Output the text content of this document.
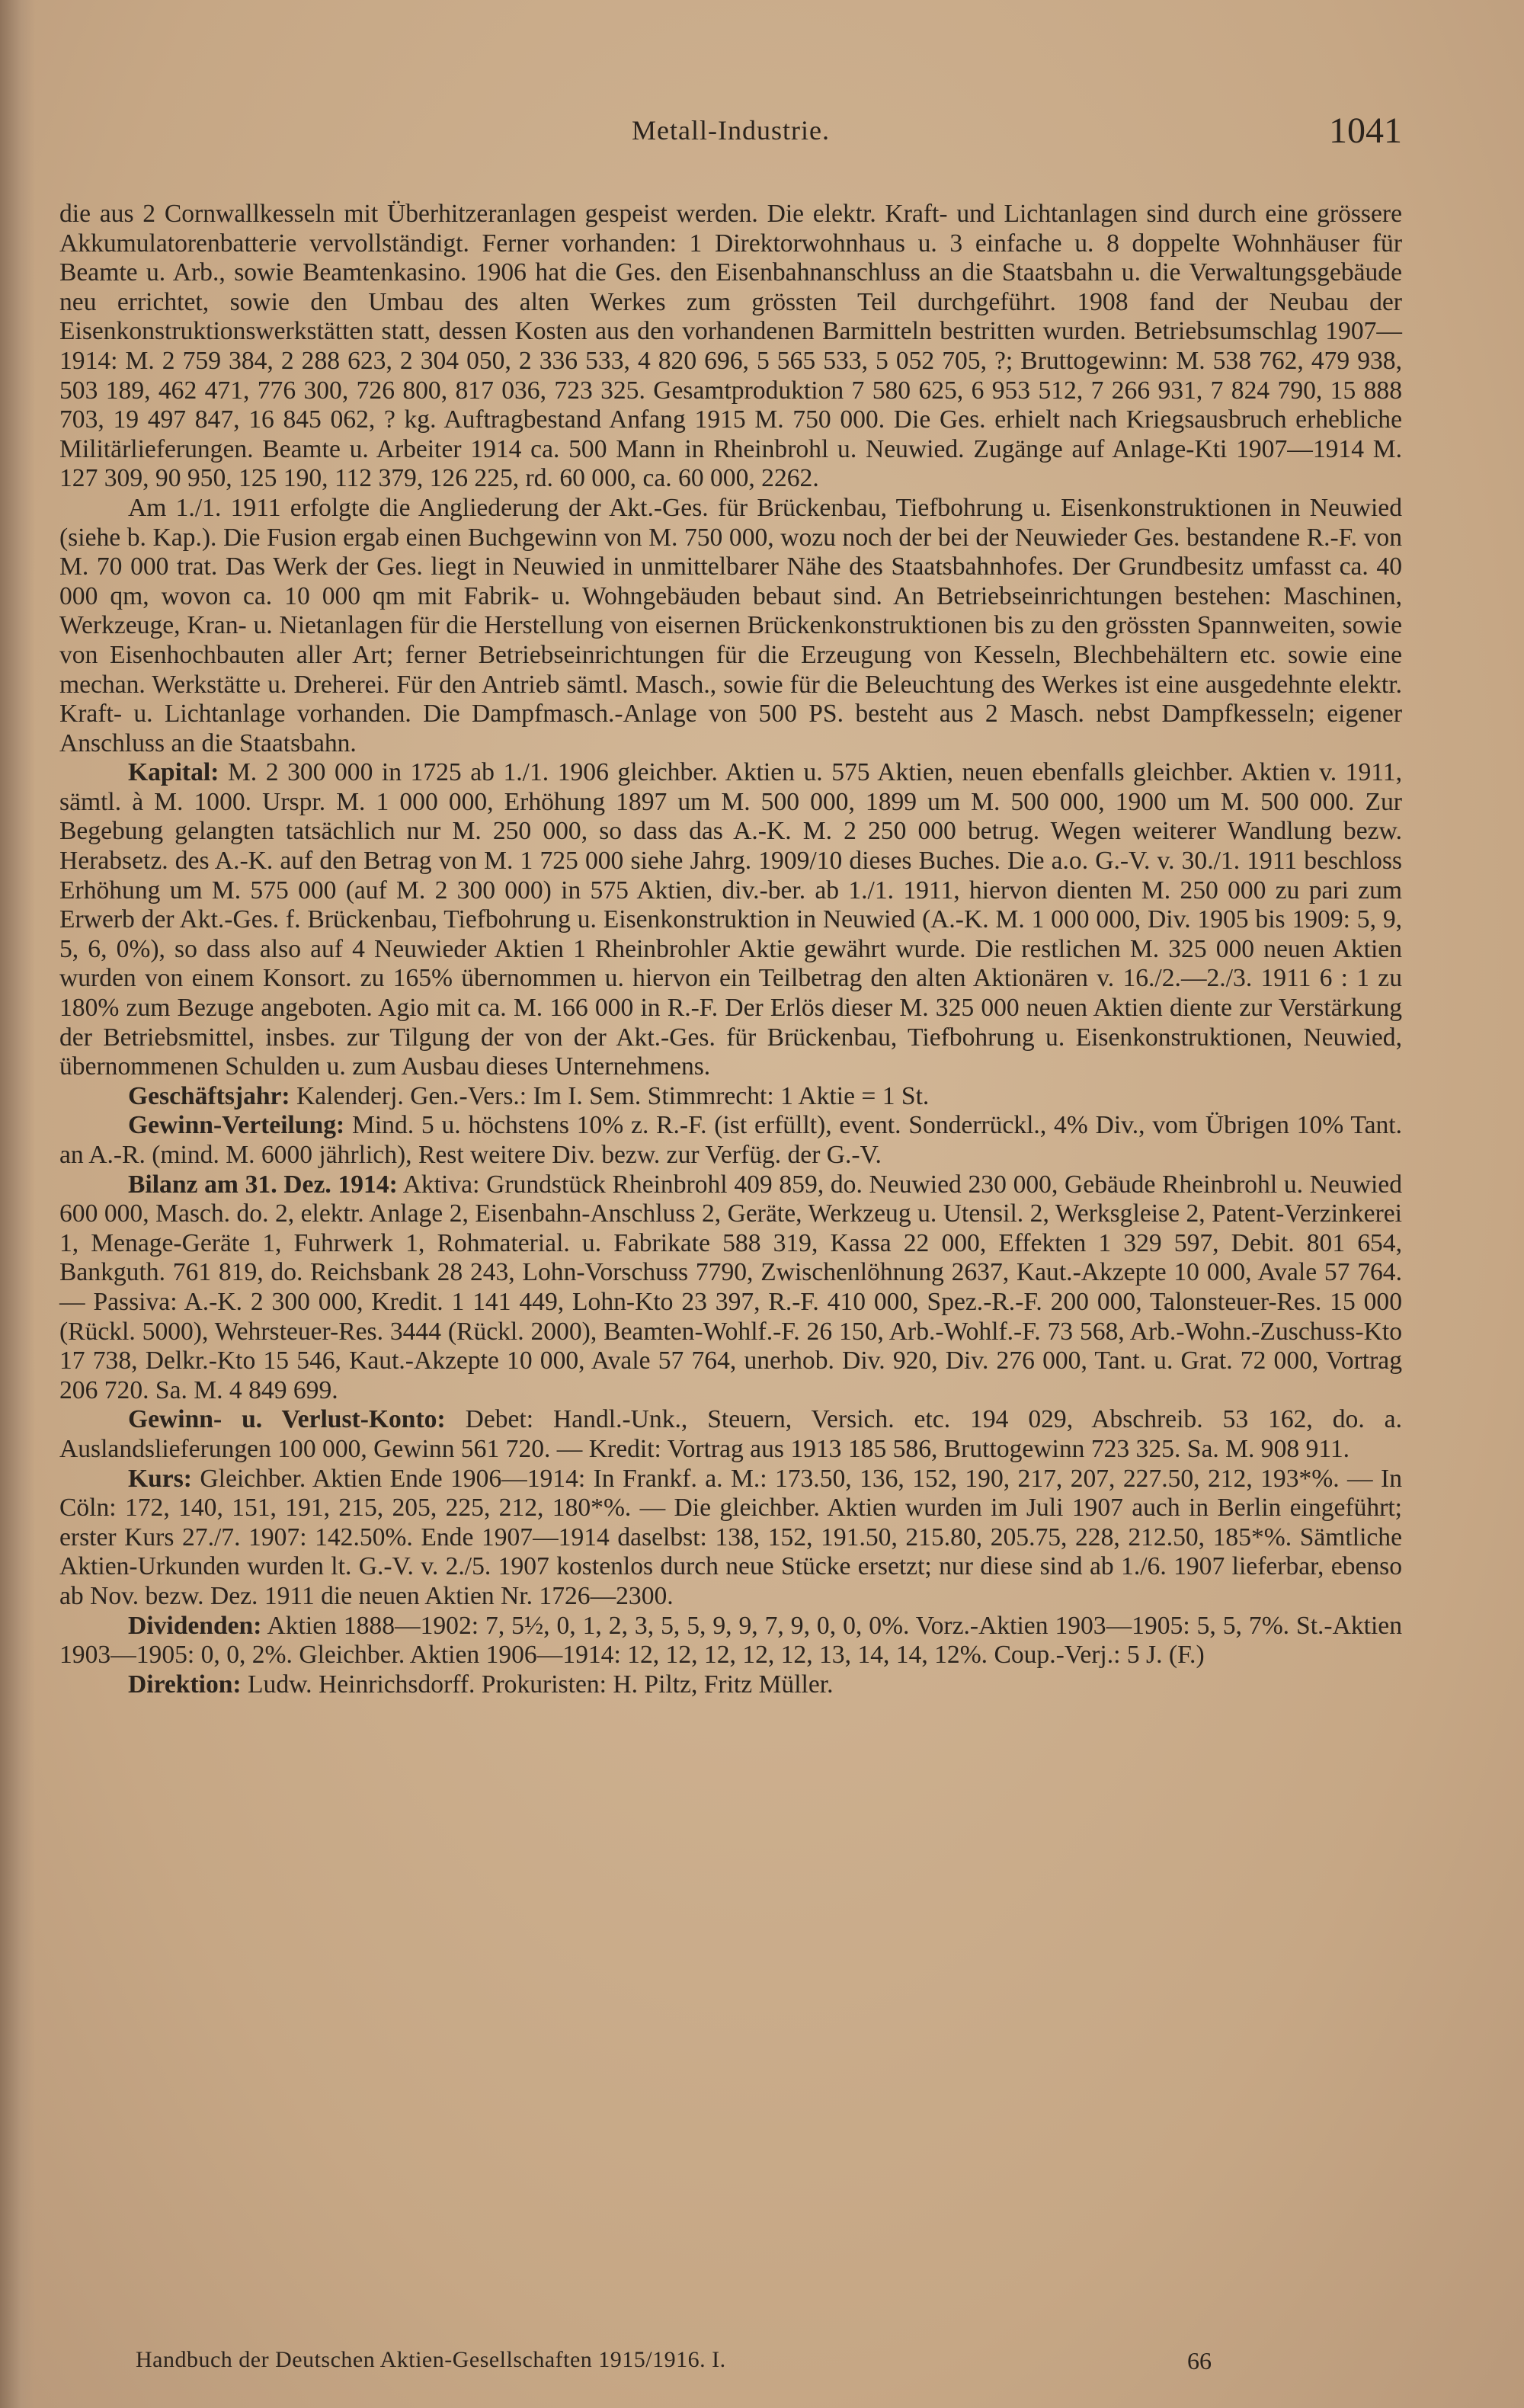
Metall-Industrie.	1041

die aus 2 Cornwallkesseln mit Überhitzeranlagen gespeist werden. Die elektr. Kraft- und Lichtanlagen sind durch eine grössere Akkumulatorenbatterie vervollständigt. Ferner vorhanden: 1 Direktorwohnhaus u. 3 einfache u. 8 doppelte Wohnhäuser für Beamte u. Arb., sowie Beamtenkasino. 1906 hat die Ges. den Eisenbahnanschluss an die Staatsbahn u. die Verwaltungsgebäude neu errichtet, sowie den Umbau des alten Werkes zum grössten Teil durchgeführt. 1908 fand der Neubau der Eisenkonstruktionswerkstätten statt, dessen Kosten aus den vorhandenen Barmitteln bestritten wurden. Betriebsumschlag 1907—1914: M. 2 759 384, 2 288 623, 2 304 050, 2 336 533, 4 820 696, 5 565 533, 5 052 705, ?; Bruttogewinn: M. 538 762, 479 938, 503 189, 462 471, 776 300, 726 800, 817 036, 723 325. Gesamtproduktion 7 580 625, 6 953 512, 7 266 931, 7 824 790, 15 888 703, 19 497 847, 16 845 062, ? kg. Auftragbestand Anfang 1915 M. 750 000. Die Ges. erhielt nach Kriegsausbruch erhebliche Militärlieferungen. Beamte u. Arbeiter 1914 ca. 500 Mann in Rheinbrohl u. Neuwied. Zugänge auf Anlage-Kti 1907—1914 M. 127 309, 90 950, 125 190, 112 379, 126 225, rd. 60 000, ca. 60 000, 2262.

Am 1./1. 1911 erfolgte die Angliederung der Akt.-Ges. für Brückenbau, Tiefbohrung u. Eisenkonstruktionen in Neuwied (siehe b. Kap.). Die Fusion ergab einen Buchgewinn von M. 750 000, wozu noch der bei der Neuwieder Ges. bestandene R.-F. von M. 70 000 trat. Das Werk der Ges. liegt in Neuwied in unmittelbarer Nähe des Staatsbahnhofes. Der Grundbesitz umfasst ca. 40 000 qm, wovon ca. 10 000 qm mit Fabrik- u. Wohngebäuden bebaut sind. An Betriebseinrichtungen bestehen: Maschinen, Werkzeuge, Kran- u. Nietanlagen für die Herstellung von eisernen Brückenkonstruktionen bis zu den grössten Spannweiten, sowie von Eisenhochbauten aller Art; ferner Betriebseinrichtungen für die Erzeugung von Kesseln, Blechbehältern etc. sowie eine mechan. Werkstätte u. Dreherei. Für den Antrieb sämtl. Masch., sowie für die Beleuchtung des Werkes ist eine ausgedehnte elektr. Kraft- u. Lichtanlage vorhanden. Die Dampfmasch.-Anlage von 500 PS. besteht aus 2 Masch. nebst Dampfkesseln; eigener Anschluss an die Staatsbahn.

Kapital: M. 2 300 000 in 1725 ab 1./1. 1906 gleichber. Aktien u. 575 Aktien, neuen ebenfalls gleichber. Aktien v. 1911, sämtl. à M. 1000. Urspr. M. 1 000 000, Erhöhung 1897 um M. 500 000, 1899 um M. 500 000, 1900 um M. 500 000. Zur Begebung gelangten tatsächlich nur M. 250 000, so dass das A.-K. M. 2 250 000 betrug. Wegen weiterer Wandlung bezw. Herabsetz. des A.-K. auf den Betrag von M. 1 725 000 siehe Jahrg. 1909/10 dieses Buches. Die a.o. G.-V. v. 30./1. 1911 beschloss Erhöhung um M. 575 000 (auf M. 2 300 000) in 575 Aktien, div.-ber. ab 1./1. 1911, hiervon dienten M. 250 000 zu pari zum Erwerb der Akt.-Ges. f. Brückenbau, Tiefbohrung u. Eisenkonstruktion in Neuwied (A.-K. M. 1 000 000, Div. 1905 bis 1909: 5, 9, 5, 6, 0%), so dass also auf 4 Neuwieder Aktien 1 Rheinbrohler Aktie gewährt wurde. Die restlichen M. 325 000 neuen Aktien wurden von einem Konsort. zu 165% übernommen u. hiervon ein Teilbetrag den alten Aktionären v. 16./2.—2./3. 1911 6 : 1 zu 180% zum Bezuge angeboten. Agio mit ca. M. 166 000 in R.-F. Der Erlös dieser M. 325 000 neuen Aktien diente zur Verstärkung der Betriebsmittel, insbes. zur Tilgung der von der Akt.-Ges. für Brückenbau, Tiefbohrung u. Eisenkonstruktionen, Neuwied, übernommenen Schulden u. zum Ausbau dieses Unternehmens.

Geschäftsjahr: Kalenderj. Gen.-Vers.: Im I. Sem. Stimmrecht: 1 Aktie = 1 St.

Gewinn-Verteilung: Mind. 5 u. höchstens 10% z. R.-F. (ist erfüllt), event. Sonderrückl., 4% Div., vom Übrigen 10% Tant. an A.-R. (mind. M. 6000 jährlich), Rest weitere Div. bezw. zur Verfüg. der G.-V.

Bilanz am 31. Dez. 1914: Aktiva: Grundstück Rheinbrohl 409 859, do. Neuwied 230 000, Gebäude Rheinbrohl u. Neuwied 600 000, Masch. do. 2, elektr. Anlage 2, Eisenbahn-Anschluss 2, Geräte, Werkzeug u. Utensil. 2, Werksgleise 2, Patent-Verzinkerei 1, Menage-Geräte 1, Fuhrwerk 1, Rohmaterial. u. Fabrikate 588 319, Kassa 22 000, Effekten 1 329 597, Debit. 801 654, Bankguth. 761 819, do. Reichsbank 28 243, Lohn-Vorschuss 7790, Zwischenlöhnung 2637, Kaut.-Akzepte 10 000, Avale 57 764. — Passiva: A.-K. 2 300 000, Kredit. 1 141 449, Lohn-Kto 23 397, R.-F. 410 000, Spez.-R.-F. 200 000, Talonsteuer-Res. 15 000 (Rückl. 5000), Wehrsteuer-Res. 3444 (Rückl. 2000), Beamten-Wohlf.-F. 26 150, Arb.-Wohlf.-F. 73 568, Arb.-Wohn.-Zuschuss-Kto 17 738, Delkr.-Kto 15 546, Kaut.-Akzepte 10 000, Avale 57 764, unerhob. Div. 920, Div. 276 000, Tant. u. Grat. 72 000, Vortrag 206 720. Sa. M. 4 849 699.

Gewinn- u. Verlust-Konto: Debet: Handl.-Unk., Steuern, Versich. etc. 194 029, Abschreib. 53 162, do. a. Auslandslieferungen 100 000, Gewinn 561 720. — Kredit: Vortrag aus 1913 185 586, Bruttogewinn 723 325. Sa. M. 908 911.

Kurs: Gleichber. Aktien Ende 1906—1914: In Frankf. a. M.: 173.50, 136, 152, 190, 217, 207, 227.50, 212, 193*%. — In Cöln: 172, 140, 151, 191, 215, 205, 225, 212, 180*%. — Die gleichber. Aktien wurden im Juli 1907 auch in Berlin eingeführt; erster Kurs 27./7. 1907: 142.50%. Ende 1907—1914 daselbst: 138, 152, 191.50, 215.80, 205.75, 228, 212.50, 185*%. Sämtliche Aktien-Urkunden wurden lt. G.-V. v. 2./5. 1907 kostenlos durch neue Stücke ersetzt; nur diese sind ab 1./6. 1907 lieferbar, ebenso ab Nov. bezw. Dez. 1911 die neuen Aktien Nr. 1726—2300.

Dividenden: Aktien 1888—1902: 7, 5½, 0, 1, 2, 3, 5, 5, 9, 9, 7, 9, 0, 0, 0%. Vorz.-Aktien 1903—1905: 5, 5, 7%. St.-Aktien 1903—1905: 0, 0, 2%. Gleichber. Aktien 1906—1914: 12, 12, 12, 12, 12, 13, 14, 14, 12%. Coup.-Verj.: 5 J. (F.)

Direktion: Ludw. Heinrichsdorff. Prokuristen: H. Piltz, Fritz Müller.

Handbuch der Deutschen Aktien-Gesellschaften 1915/1916. I.	66
